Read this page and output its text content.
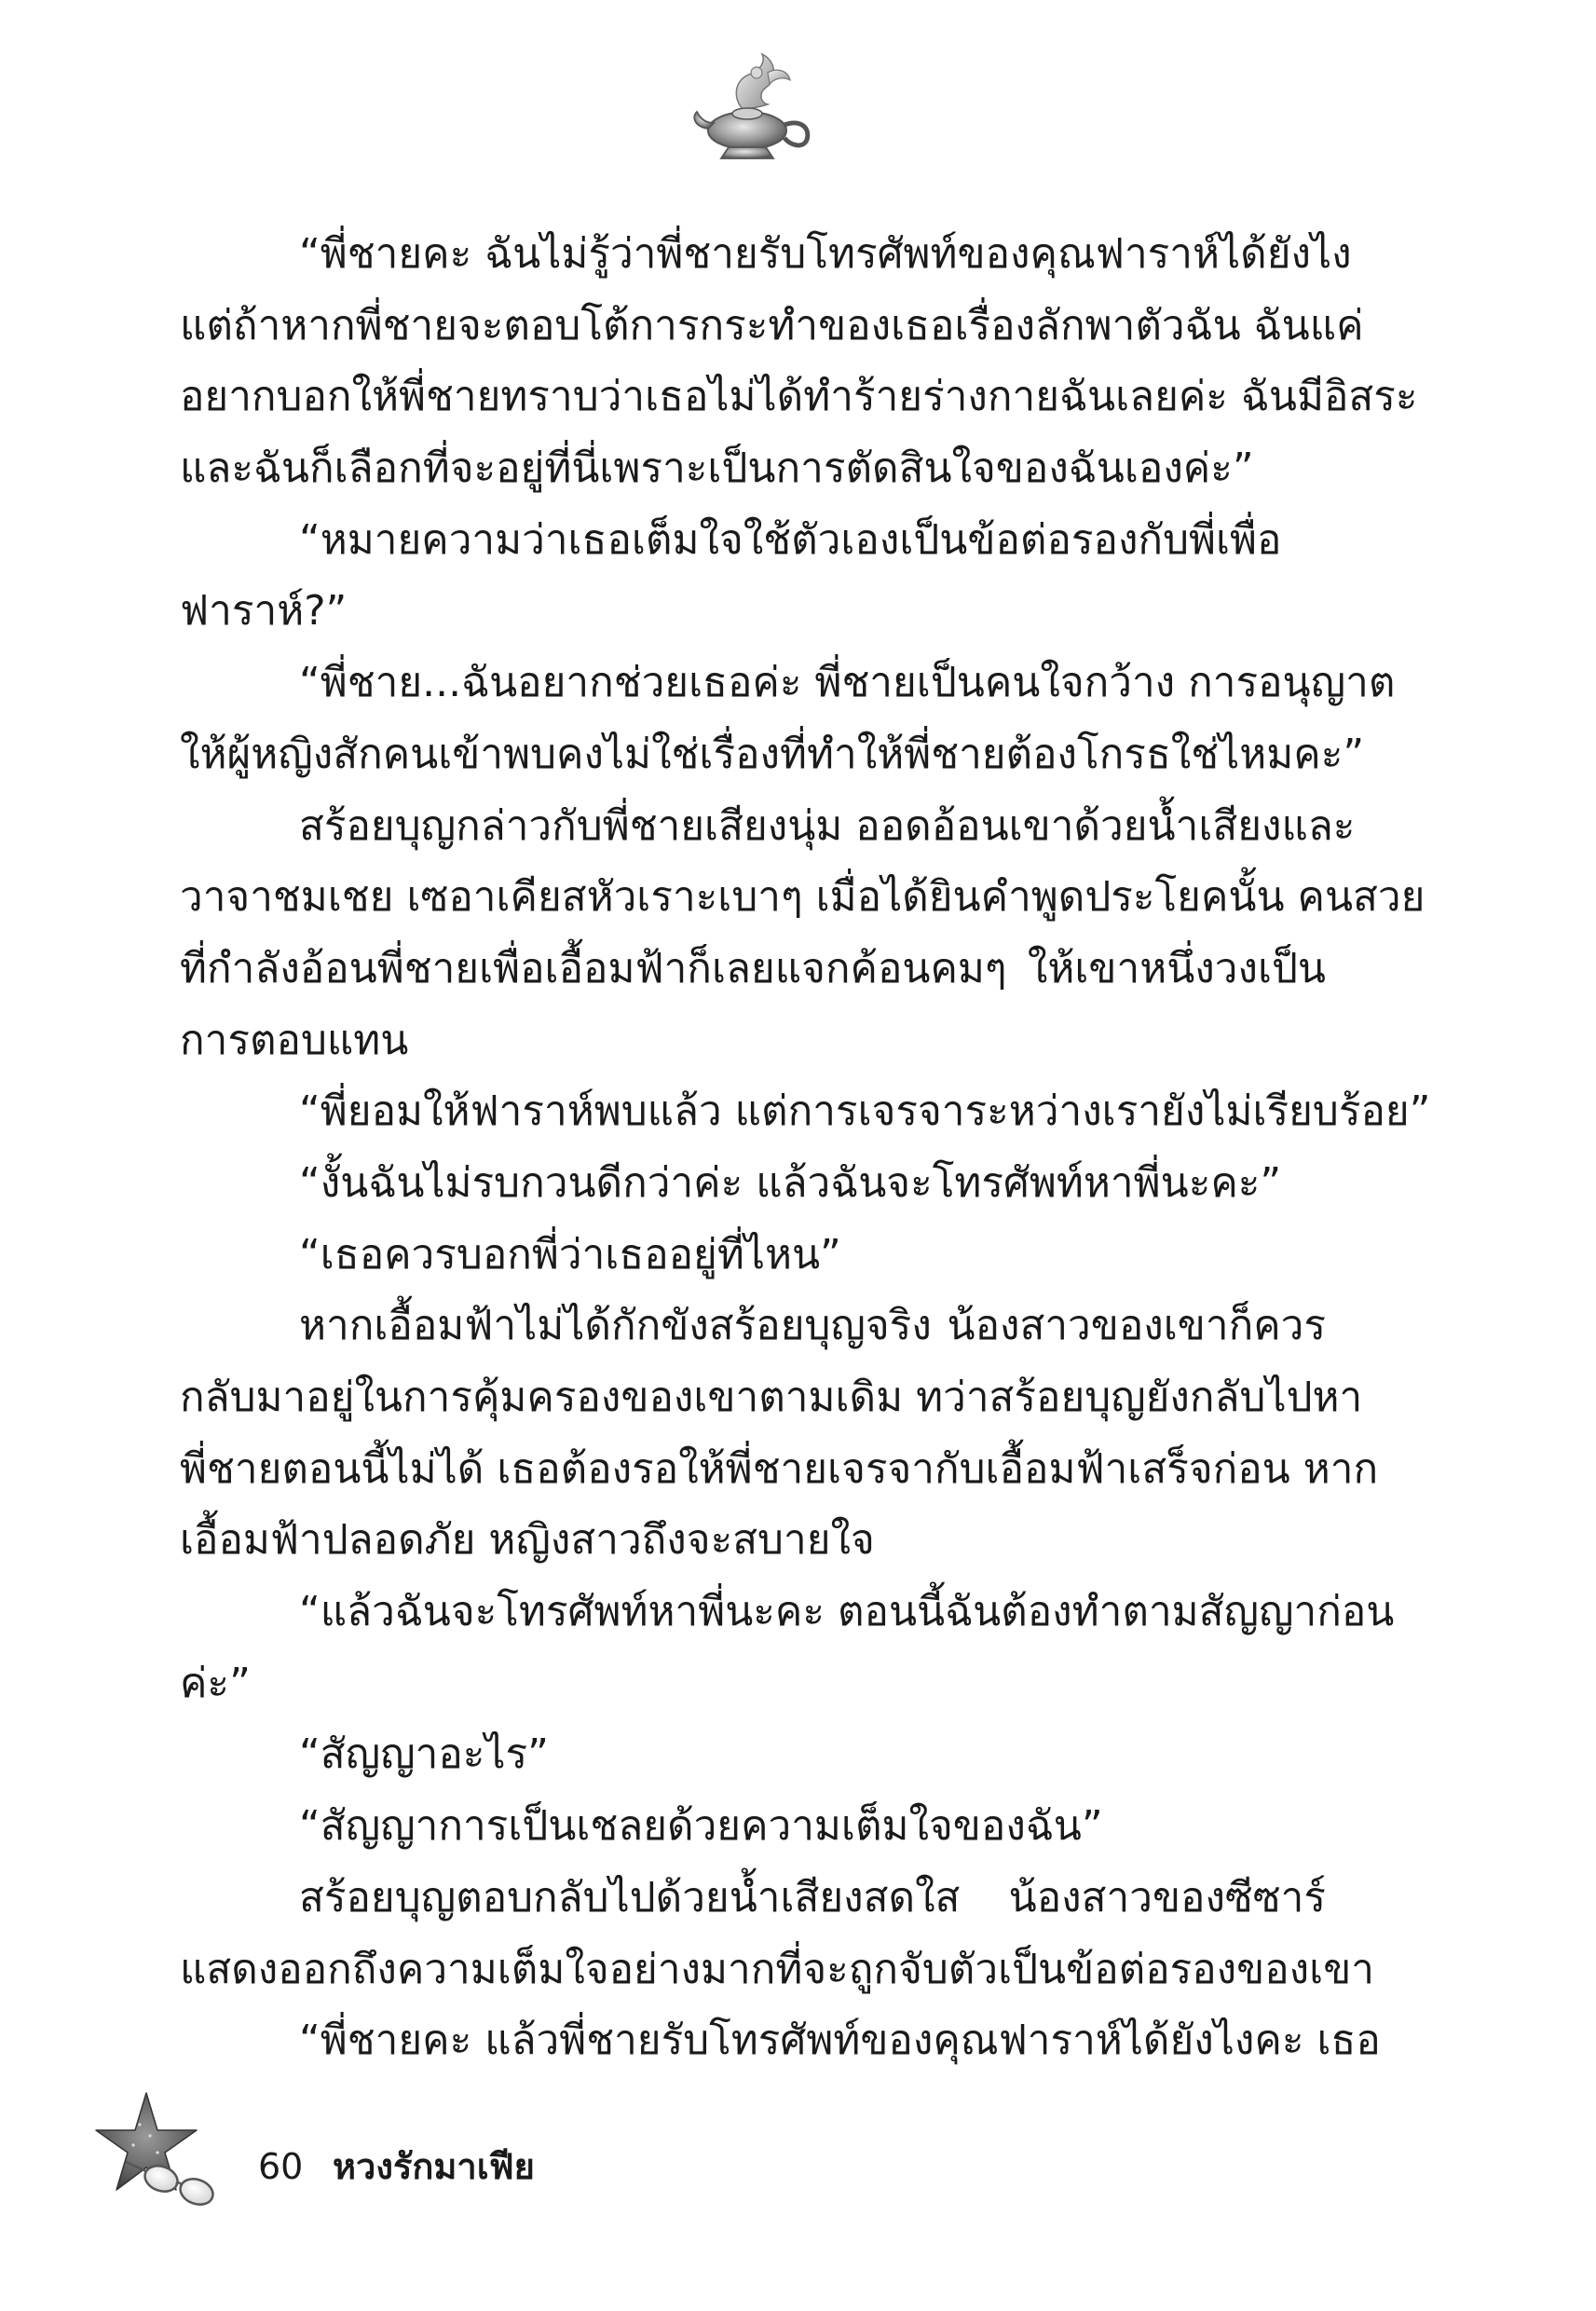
“พี่ชายคะ ฉันไม่รู้ว่าพี่ชายรับโทรศัพท์ของคุณฟาราห์ได้ยังไง
แต่ถ้าหากพี่ชายจะตอบโต้การกระทำของเธอเรื่องลักพาตัวฉัน ฉันแค่
อยากบอกให้พี่ชายทราบว่าเธอไม่ได้ทำร้ายร่างกายฉันเลยค่ะ ฉันมีอิสระ
และฉันก็เลือกที่จะอยู่ที่นี่เพราะเป็นการตัดสินใจของฉันเองค่ะ”
“หมายความว่าเธอเต็มใจใช้ตัวเองเป็นข้อต่อรองกับพี่เพื่อ
ฟาราห์?”
“พี่ชาย...ฉันอยากช่วยเธอค่ะ พี่ชายเป็นคนใจกว้าง การอนุญาต
ให้ผู้หญิงสักคนเข้าพบคงไม่ใช่เรื่องที่ทำให้พี่ชายต้องโกรธใช่ไหมคะ”
สร้อยบุญกล่าวกับพี่ชายเสียงนุ่ม ออดอ้อนเขาด้วยน้ำเสียงและ
วาจาชมเชย เซอาเคียสหัวเราะเบาๆ เมื่อได้ยินคำพูดประโยคนั้น คนสวย
ที่กำลังอ้อนพี่ชายเพื่อเอื้อมฟ้าก็เลยแจกค้อนคมๆ ให้เขาหนึ่งวงเป็น
การตอบแทน
“พี่ยอมให้ฟาราห์พบแล้ว แต่การเจรจาระหว่างเรายังไม่เรียบร้อย”
“งั้นฉันไม่รบกวนดีกว่าค่ะ แล้วฉันจะโทรศัพท์หาพี่นะคะ”
“เธอควรบอกพี่ว่าเธออยู่ที่ไหน”
หากเอื้อมฟ้าไม่ได้กักขังสร้อยบุญจริง น้องสาวของเขาก็ควร
กลับมาอยู่ในการคุ้มครองของเขาตามเดิม ทว่าสร้อยบุญยังกลับไปหา
พี่ชายตอนนี้ไม่ได้ เธอต้องรอให้พี่ชายเจรจากับเอื้อมฟ้าเสร็จก่อน หาก
เอื้อมฟ้าปลอดภัย หญิงสาวถึงจะสบายใจ
“แล้วฉันจะโทรศัพท์หาพี่นะคะ ตอนนี้ฉันต้องทำตามสัญญาก่อน
ค่ะ”
“สัญญาอะไร”
“สัญญาการเป็นเชลยด้วยความเต็มใจของฉัน”
สร้อยบุญตอบกลับไปด้วยน้ำเสียงสดใส น้องสาวของซีซาร์
แสดงออกถึงความเต็มใจอย่างมากที่จะถูกจับตัวเป็นข้อต่อรองของเขา
“พี่ชายคะ แล้วพี่ชายรับโทรศัพท์ของคุณฟาราห์ได้ยังไงคะ เธอ
60 หวงรักมาเฟีย
